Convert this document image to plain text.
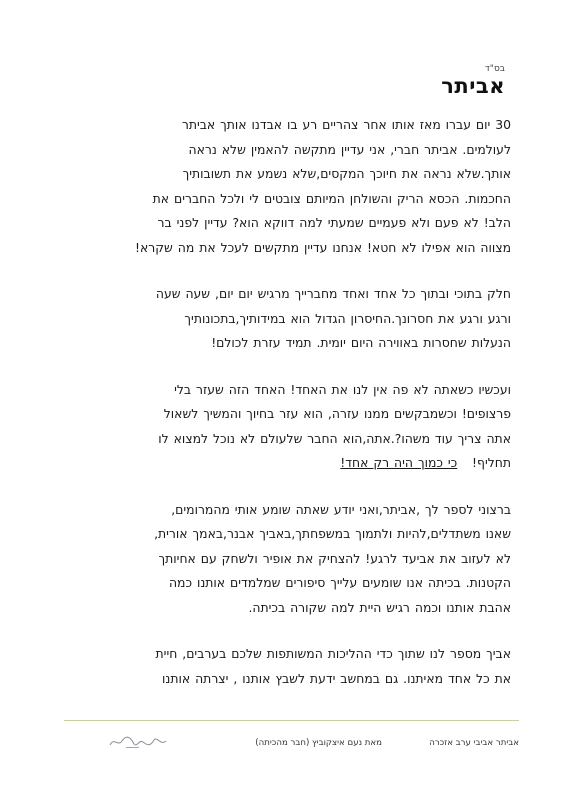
בס"ד
אביתר
30 יום עברו מאז אותו אחר צהריים רע בו אבדנו אותך אביתר
לעולמים. אביתר חברי, אני עדיין מתקשה להאמין שלא נראה
אותך.שלא נראה את חיוכך המקסים,שלא נשמע את תשובותיך
החכמות. הכסא הריק והשולחן המיותם צובטים לי ולכל החברים את
הלב! לא פעם ולא פעמיים שמעתי למה דווקא הוא? עדיין לפני בר
מצווה הוא אפילו לא חטא! אנחנו עדיין מתקשים לעכל את מה שקרא!
חלק בתוכי ובתוך כל אחד ואחד מחברייך מרגיש יום יום, שעה שעה
ורגע ורגע את חסרונך.החיסרון הגדול הוא במידותיך,בתכונותיך
הנעלות שחסרות באווירה היום יומית. תמיד עזרת לכולם!
ועכשיו כשאתה לא פה אין לנו את האחד! האחד הזה שעזר בלי
פרצופים! וכשמבקשים ממנו עזרה, הוא עזר בחיוך והמשיך לשאול
אתה צריך עוד משהו?.אתה,הוא החבר שלעולם לא נוכל למצוא לו
תחליף!   כי כמוך היה רק אחד!
ברצוני לספר לך ,אביתר,ואני יודע שאתה שומע אותי מהמרומים,
שאנו משתדלים,להיות ולתמוך במשפחתך,באביך אבנר,באמך אורית,
לא לעזוב את אביעד לרגע! להצחיק את אופיר ולשחק עם אחיותך
הקטנות. בכיתה אנו שומעים עלייך סיפורים שמלמדים אותנו כמה
אהבת אותנו וכמה רגיש היית למה שקורה בכיתה.
אביך מספר לנו שתוך כדי ההליכות המשותפות שלכם בערבים, חיית
את כל אחד מאיתנו. גם במחשב ידעת לשבץ אותנו , יצרתה אותנו
אביתר אביבי ערב אזכרה
מאת נעם איצקוביץ (חבר מהכיתה)
